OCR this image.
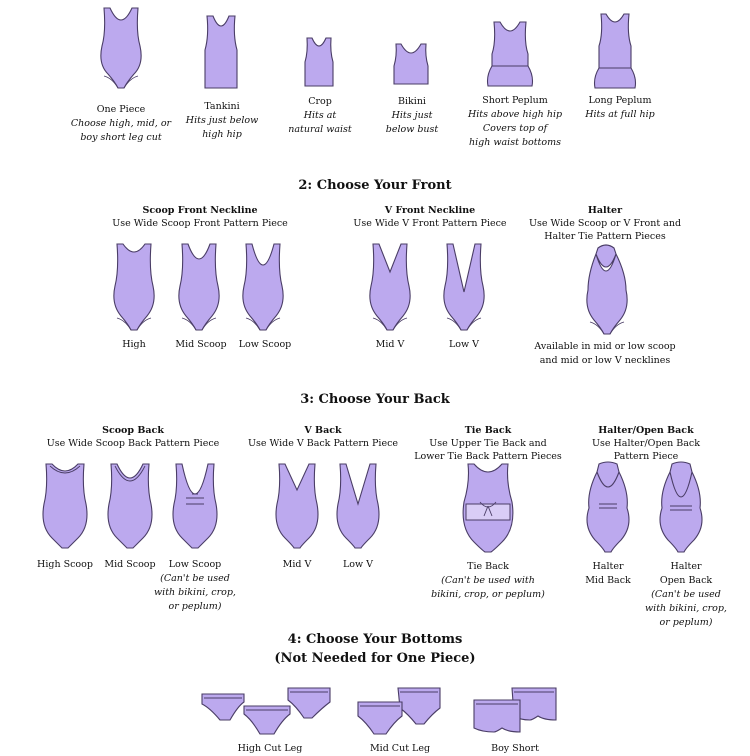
One Piece
Choose high, mid, or
boy short leg cut
Tankini
Hits just below
high hip
Crop
Hits at
natural waist
Bikini
Hits just
below bust
Short Peplum
Hits above high hip
Covers top of
high waist bottoms
Long Peplum
Hits at full hip
2: Choose Your Front
Scoop Front Neckline
Use Wide Scoop Front Pattern Piece
V Front Neckline
Use Wide V Front Pattern Piece
Halter
Use Wide Scoop or V Front and
Halter Tie Pattern Pieces
High	Mid Scoop	Low Scoop	Mid V	Low V	Available in mid or low scoop
and mid or low V necklines
3: Choose Your Back
Scoop Back
Use Wide Scoop Back Pattern Piece
V Back
Use Wide V Back Pattern Piece
Tie Back
Use Upper Tie Back and
Lower Tie Back Pattern Pieces
Halter/Open Back
Use Halter/Open Back
Pattern Piece
High Scoop	Mid Scoop	Low Scoop
(Can't be used
with bikini, crop,
or peplum)
Mid V	Low V	Tie Back
(Can't be used with
bikini, crop, or peplum)
Halter
Mid Back
Halter
Open Back
(Can't be used
with bikini, crop,
or peplum)
4: Choose Your Bottoms
(Not Needed for One Piece)
High Cut Leg	Mid Cut Leg	Boy Short
